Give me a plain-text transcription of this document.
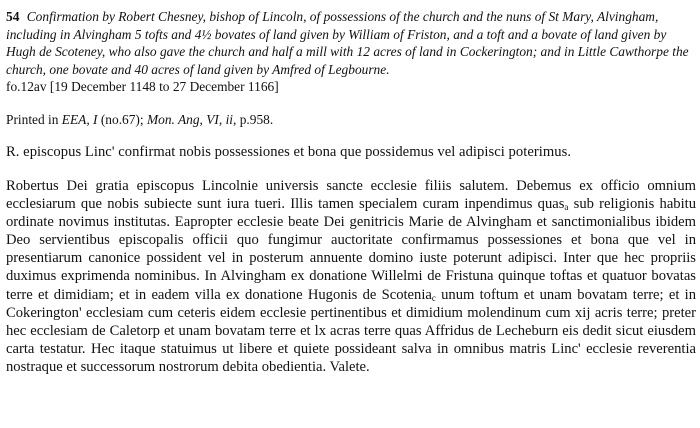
54 Confirmation by Robert Chesney, bishop of Lincoln, of possessions of the church and the nuns of St Mary, Alvingham, including in Alvingham 5 tofts and 4½ bovates of land given by William of Friston, and a toft and a bovate of land given by Hugh de Scoteney, who also gave the church and half a mill with 12 acres of land in Cockerington; and in Little Cawthorpe the church, one bovate and 40 acres of land given by Amfred of Legbourne.
fo.12av [19 December 1148 to 27 December 1166]
Printed in EEA, I (no.67); Mon. Ang, VI, ii, p.958.
R. episcopus Linc' confirmat nobis possessiones et bona que possidemus vel adipisci poterimus.

Robertus Dei gratia episcopus Lincolnie universis sancte ecclesie filiis salutem. Debemus ex officio omnium ecclesiarum que nobis subiecte sunt iura tueri. Illis tamen specialem curam inpendimus quas$_a$ sub religionis habitu ordinate novimus institutas. Eapropter ecclesie beate Dei genitricis Marie de Alvingham et sanctimonialibus ibidem Deo servientibus episcopalis officii quo fungimur auctoritate confirmamus possessiones et bona que vel in presentiarum canonice possident vel in posterum annuente domino iuste poterunt adipisci. Inter que hec propriis duximus exprimenda nominibus. In Alvingham ex donatione Willelmi de Fristuna quinque toftas et quatuor bovatas terre et dimidiam; et in eadem villa ex donatione Hugonis de Scotenia$_c$ unum toftum et unam bovatam terre; et in Cokerington' ecclesiam cum ceteris eidem ecclesie pertinentibus et dimidium molendinum cum xij acris terre; preter hec ecclesiam de Caletorp et unam bovatam terre et lx acras terre quas Affridus de Lecheburn eis dedit sicut eiusdem carta testatur. Hec itaque statuimus ut libere et quiete possideant salva in omnibus matris Linc' ecclesie reverentia nostraque et successorum nostrorum debita obedientia. Valete.
